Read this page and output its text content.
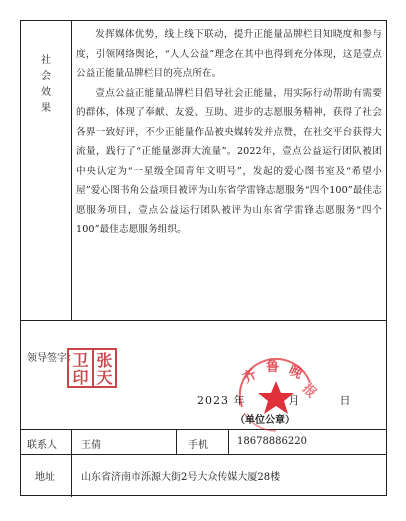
社
会
效
果

发挥媒体优势，线上线下联动，提升正能量品牌栏目知晓度和参与度，引领网络舆论，“人人公益”理念在其中也得到充分体现，这是壹点公益正能量品牌栏目的亮点所在。

壹点公益正能量品牌栏目倡导社会正能量，用实际行动帮助有需要的群体，体现了奉献、友爱、互助、进步的志愿服务精神，获得了社会各界一致好评，不少正能量作品被央媒转发并点赞，在社交平台获得大流量，践行了“正能量澎湃大流量”。2022年，壹点公益运行团队被团中央认定为“一星级全国青年文明号”，发起的爱心图书室及“希望小屋”爱心图书角公益项目被评为山东省学雷锋志愿服务“四个100”最佳志愿服务项目，壹点公益运行团队被评为山东省学雷锋志愿服务“四个100”最佳志愿服务组织。

领导签字：
卫 张
印 天	齐 鲁 晚
报
2023 年	月	日
（单位公章）
联系人 王倩	手机	18678886220
地址	山东省济南市泺源大街2号大众传媒大厦28楼
